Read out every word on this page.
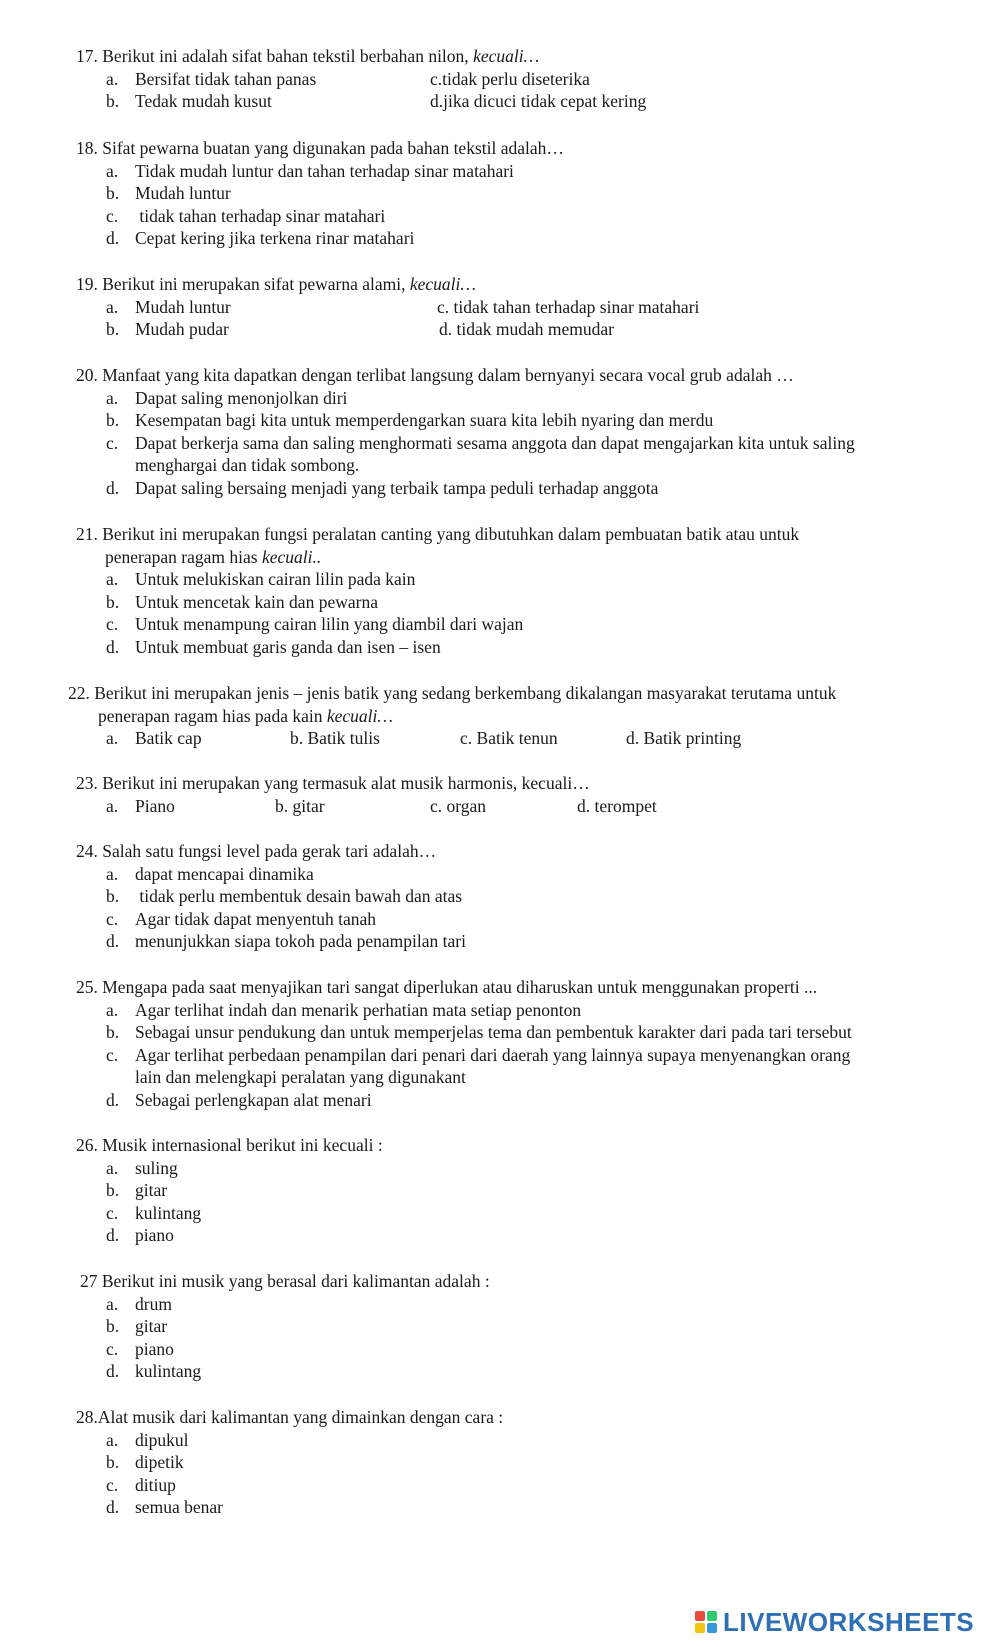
17. Berikut ini adalah sifat bahan tekstil berbahan nilon, kecuali…
a. Bersifat tidak tahan panas	c.tidak perlu diseterika
b. Tedak mudah kusut	d.jika dicuci tidak cepat kering
18. Sifat pewarna buatan yang digunakan pada bahan tekstil adalah…
a. Tidak mudah luntur dan tahan terhadap sinar matahari
b. Mudah luntur
c. tidak tahan terhadap sinar matahari
d. Cepat kering jika terkena rinar matahari
19. Berikut ini merupakan sifat pewarna alami, kecuali…
a. Mudah luntur	c. tidak tahan terhadap sinar matahari
b. Mudah pudar	d. tidak mudah memudar
20. Manfaat yang kita dapatkan dengan terlibat langsung dalam bernyanyi secara vocal grub adalah …
a. Dapat saling menonjolkan diri
b. Kesempatan bagi kita untuk memperdengarkan suara kita lebih nyaring dan merdu
c. Dapat berkerja sama dan saling menghormati sesama anggota dan dapat mengajarkan kita untuk saling
menghargai dan tidak sombong.
d. Dapat saling bersaing menjadi yang terbaik tampa peduli terhadap anggota
21. Berikut ini merupakan fungsi peralatan canting yang dibutuhkan dalam pembuatan batik atau untuk
penerapan ragam hias kecuali..
a. Untuk melukiskan cairan lilin pada kain
b. Untuk mencetak kain dan pewarna
c. Untuk menampung cairan lilin yang diambil dari wajan
d. Untuk membuat garis ganda dan isen – isen
22. Berikut ini merupakan jenis – jenis batik yang sedang berkembang dikalangan masyarakat terutama untuk
penerapan ragam hias pada kain kecuali…
a. Batik cap	b. Batik tulis	c. Batik tenun	d. Batik printing
23. Berikut ini merupakan yang termasuk alat musik harmonis, kecuali…
a. Piano	b. gitar	c. organ	d. terompet
24. Salah satu fungsi level pada gerak tari adalah…
a. dapat mencapai dinamika
b. tidak perlu membentuk desain bawah dan atas
c. Agar tidak dapat menyentuh tanah
d. menunjukkan siapa tokoh pada penampilan tari
25. Mengapa pada saat menyajikan tari sangat diperlukan atau diharuskan untuk menggunakan properti ...
a. Agar terlihat indah dan menarik perhatian mata setiap penonton
b. Sebagai unsur pendukung dan untuk memperjelas tema dan pembentuk karakter dari pada tari tersebut
c. Agar terlihat perbedaan penampilan dari penari dari daerah yang lainnya supaya menyenangkan orang
lain dan melengkapi peralatan yang digunakant
d. Sebagai perlengkapan alat menari
26. Musik internasional berikut ini kecuali :
a. suling
b. gitar
c. kulintang
d. piano
27 Berikut ini musik yang berasal dari kalimantan adalah :
a. drum
b. gitar
c. piano
d. kulintang
28.Alat musik dari kalimantan yang dimainkan dengan cara :
a. dipukul
b. dipetik
c. ditiup
d. semua benar
LIVEWORKSHEETS
